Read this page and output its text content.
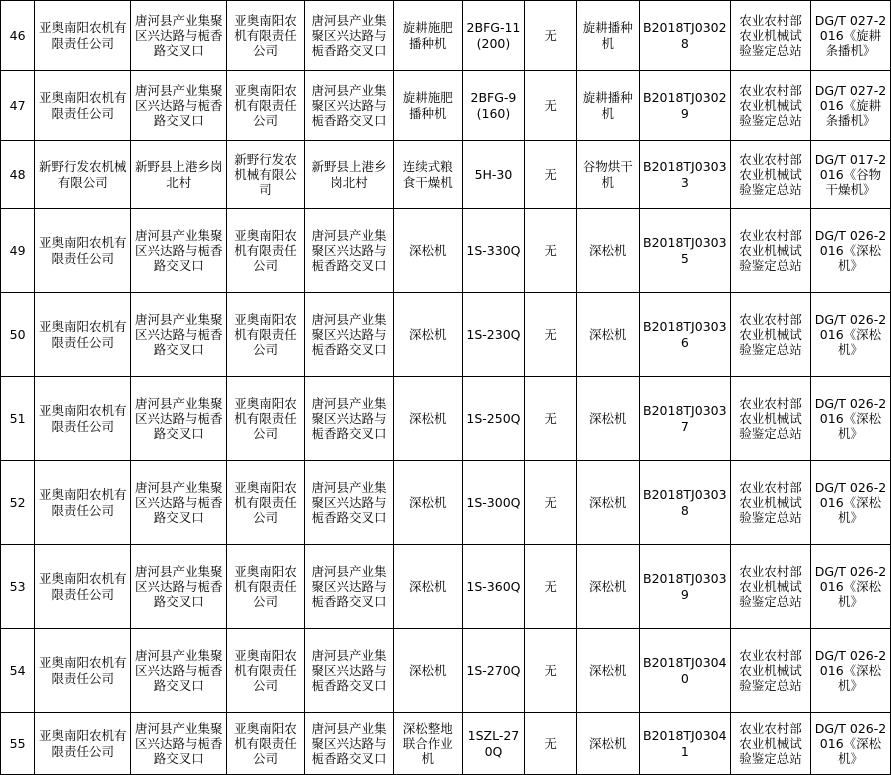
46	亚奥南阳农机有限责任公司	唐河县产业集聚区兴达路与栀香路交叉口	亚奥南阳农机有限责任公司	唐河县产业集聚区兴达路与栀香路交叉口	旋耕施肥播种机	2BFG-11(200)	无	旋耕播种机	B2018TJ03028	农业农村部农业机械试验鉴定总站	DG/T 027-2016《旋耕条播机》
47	亚奥南阳农机有限责任公司	唐河县产业集聚区兴达路与栀香路交叉口	亚奥南阳农机有限责任公司	唐河县产业集聚区兴达路与栀香路交叉口	旋耕施肥播种机	2BFG-9(160)	无	旋耕播种机	B2018TJ03029	农业农村部农业机械试验鉴定总站	DG/T 027-2016《旋耕条播机》
48	新野行发农机械有限公司	新野县上港乡岗北村	新野行发农机械有限公司	新野县上港乡岗北村	连续式粮食干燥机	5H-30	无	谷物烘干机	B2018TJ03033	农业农村部农业机械试验鉴定总站	DG/T 017-2016《谷物干燥机》
49	亚奥南阳农机有限责任公司	唐河县产业集聚区兴达路与栀香路交叉口	亚奥南阳农机有限责任公司	唐河县产业集聚区兴达路与栀香路交叉口	深松机	1S-330Q	无	深松机	B2018TJ03035	农业农村部农业机械试验鉴定总站	DG/T 026-2016《深松机》
50	亚奥南阳农机有限责任公司	唐河县产业集聚区兴达路与栀香路交叉口	亚奥南阳农机有限责任公司	唐河县产业集聚区兴达路与栀香路交叉口	深松机	1S-230Q	无	深松机	B2018TJ03036	农业农村部农业机械试验鉴定总站	DG/T 026-2016《深松机》
51	亚奥南阳农机有限责任公司	唐河县产业集聚区兴达路与栀香路交叉口	亚奥南阳农机有限责任公司	唐河县产业集聚区兴达路与栀香路交叉口	深松机	1S-250Q	无	深松机	B2018TJ03037	农业农村部农业机械试验鉴定总站	DG/T 026-2016《深松机》
52	亚奥南阳农机有限责任公司	唐河县产业集聚区兴达路与栀香路交叉口	亚奥南阳农机有限责任公司	唐河县产业集聚区兴达路与栀香路交叉口	深松机	1S-300Q	无	深松机	B2018TJ03038	农业农村部农业机械试验鉴定总站	DG/T 026-2016《深松机》
53	亚奥南阳农机有限责任公司	唐河县产业集聚区兴达路与栀香路交叉口	亚奥南阳农机有限责任公司	唐河县产业集聚区兴达路与栀香路交叉口	深松机	1S-360Q	无	深松机	B2018TJ03039	农业农村部农业机械试验鉴定总站	DG/T 026-2016《深松机》
54	亚奥南阳农机有限责任公司	唐河县产业集聚区兴达路与栀香路交叉口	亚奥南阳农机有限责任公司	唐河县产业集聚区兴达路与栀香路交叉口	深松机	1S-270Q	无	深松机	B2018TJ03040	农业农村部农业机械试验鉴定总站	DG/T 026-2016《深松机》
55	亚奥南阳农机有限责任公司	唐河县产业集聚区兴达路与栀香路交叉口	亚奥南阳农机有限责任公司	唐河县产业集聚区兴达路与栀香路交叉口	深松整地联合作业机	1SZL-270Q	无	深松机	B2018TJ03041	农业农村部农业机械试验鉴定总站	DG/T 026-2016《深松机》
